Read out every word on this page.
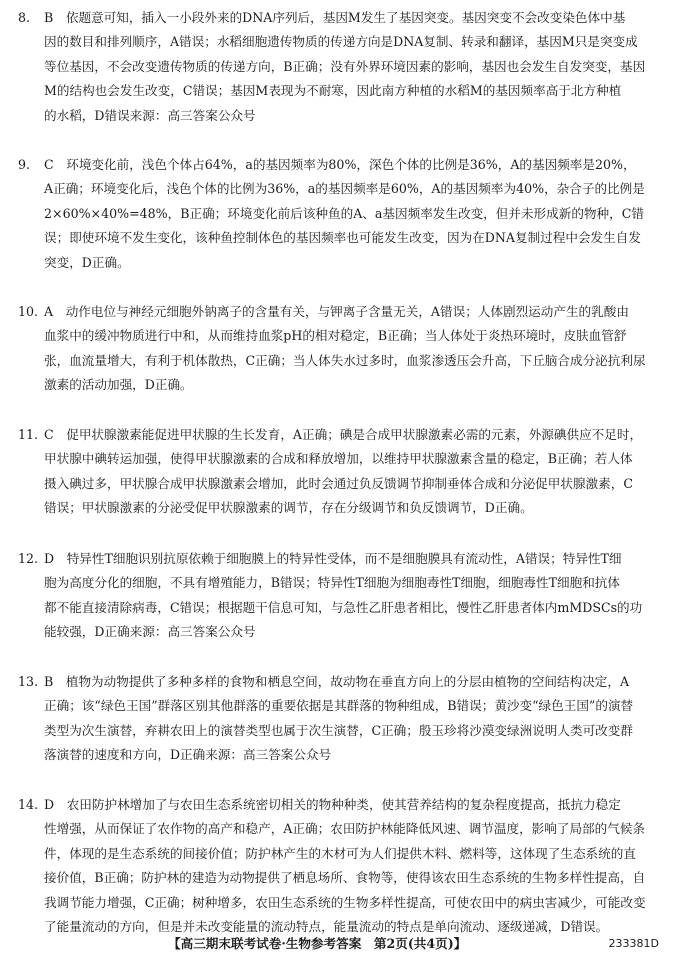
8. B　依题意可知，插入一小段外来的DNA序列后，基因M发生了基因突变。基因突变不会改变染色体中基
因的数目和排列顺序，A错误；水稻细胞遗传物质的传递方向是DNA复制、转录和翻译，基因M只是突变成
等位基因，不会改变遗传物质的传递方向，B正确；没有外界环境因素的影响，基因也会发生自发突变，基因
M的结构也会发生改变，C错误；基因M表现为不耐寒，因此南方种植的水稻M的基因频率高于北方种植
的水稻，D错误来源：高三答案公众号
9. C　环境变化前，浅色个体占64%，a的基因频率为80%，深色个体的比例是36%，A的基因频率是20%，
A正确；环境变化后，浅色个体的比例为36%，a的基因频率是60%，A的基因频率为40%，杂合子的比例是
2×60%×40%=48%，B正确；环境变化前后该种鱼的A、a基因频率发生改变，但并未形成新的物种，C错
误；即使环境不发生变化，该种鱼控制体色的基因频率也可能发生改变，因为在DNA复制过程中会发生自发
突变，D正确。
10. A　动作电位与神经元细胞外钠离子的含量有关，与钾离子含量无关，A错误；人体剧烈运动产生的乳酸由
血浆中的缓冲物质进行中和，从而维持血浆pH的相对稳定，B正确；当人体处于炎热环境时，皮肤血管舒
张，血流量增大，有利于机体散热，C正确；当人体失水过多时，血浆渗透压会升高，下丘脑合成分泌抗利尿
激素的活动加强，D正确。
11. C　促甲状腺激素能促进甲状腺的生长发育，A正确；碘是合成甲状腺激素必需的元素，外源碘供应不足时，
甲状腺中碘转运加强，使得甲状腺激素的合成和释放增加，以维持甲状腺激素含量的稳定，B正确；若人体
摄入碘过多，甲状腺合成甲状腺激素会增加，此时会通过负反馈调节抑制垂体合成和分泌促甲状腺激素，C
错误；甲状腺激素的分泌受促甲状腺激素的调节，存在分级调节和负反馈调节，D正确。
12. D　特异性T细胞识别抗原依赖于细胞膜上的特异性受体，而不是细胞膜具有流动性，A错误；特异性T细
胞为高度分化的细胞，不具有增殖能力，B错误；特异性T细胞为细胞毒性T细胞，细胞毒性T细胞和抗体
都不能直接清除病毒，C错误；根据题干信息可知，与急性乙肝患者相比，慢性乙肝患者体内mMDSCs的功
能较强，D正确来源：高三答案公众号
13. B　植物为动物提供了多种多样的食物和栖息空间，故动物在垂直方向上的分层由植物的空间结构决定，A
正确；该“绿色王国”群落区别其他群落的重要依据是其群落的物种组成，B错误；黄沙变“绿色王国”的演替
类型为次生演替，弃耕农田上的演替类型也属于次生演替，C正确；殷玉珍将沙漠变绿洲说明人类可改变群
落演替的速度和方向，D正确来源：高三答案公众号
14. D　农田防护林增加了与农田生态系统密切相关的物种种类，使其营养结构的复杂程度提高，抵抗力稳定
性增强，从而保证了农作物的高产和稳产，A正确；农田防护林能降低风速、调节温度，影响了局部的气候条
件，体现的是生态系统的间接价值；防护林产生的木材可为人们提供木料、燃料等，这体现了生态系统的直
接价值，B正确；防护林的建造为动物提供了栖息场所、食物等，使得该农田生态系统的生物多样性提高，自
我调节能力增强，C正确；树种增多，农田生态系统的生物多样性提高，可使农田中的病虫害减少，可能改变
了能量流动的方向，但是并未改变能量的流动特点，能量流动的特点是单向流动、逐级递减，D错误。
【高三期末联考试卷·生物参考答案　第2页(共4页)】	233381D
